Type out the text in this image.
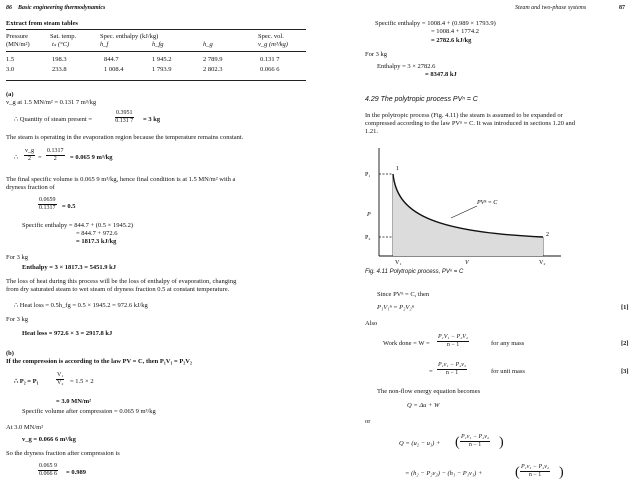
86 Basic engineering thermodynamics
Extract from steam tables
Pressure
(MN/m²)
Sat. temp.
tₛ (°C)
Spec. enthalpy (kJ/kg)
h_f	h_fg	h_g
Spec. vol.
v_g (m³/kg)
1.5	198.3	844.7	1 945.2	2 789.9	0.131 7
3.0	233.8	1 008.4	1 793.9	2 802.3	0.066 6
(a)
v_g at 1.5 MN/m² = 0.131 7 m³/kg
∴ Quantity of steam present =	$\frac{0.3951}{0.131 7} = 3$ kg
The steam is operating in the evaporation region because the temperature remains constant.
∴ $\frac{v\_g}{2} = \frac{0.1317}{2} = 0.065$ 9 m³/kg
The final specific volume is 0.065 9 m³/kg, hence final condition is at 1.5 MN/m² with a
dryness fraction of
$\frac{0.0659}{0.1317} = 0.5$
Specific enthalpy = 844.7 + (0.5 × 1945.2)
= 844.7 + 972.6
= 1817.3 kJ/kg
For 3 kg
Enthalpy = 3 × 1817.3 = 5451.9 kJ
The loss of heat during this process will be the loss of enthalpy of evaporation, changing
from dry saturated steam to wet steam of dryness fraction 0.5 at constant temperature.
∴ Heat loss = 0.5h_fg = 0.5 × 1945.2 = 972.6 kJ/kg
For 3 kg
Heat loss = 972.6 × 3 = 2917.8 kJ
(b)
If the compression is according to the law PV = C, then P₁V₁ = P₂V₂
∴ P₂ = P₁	$\frac{\text{V₁}}{\text{V₂}} = 1.5 \times 2$
= 3.0 MN/m²
Specific volume after compression = 0.065 9 m³/kg
At 3.0 MN/m²
v_g = 0.066 6 m³/kg
So the dryness fraction after compression is
$\frac{0.065 9}{0.066 6} = 0.989$
Steam and two-phase systems	87
Specific enthalpy = 1008.4 + (0.989 × 1793.9)
= 1008.4 + 1774.2
= 2782.6 kJ/kg
For 3 kg
Enthalpy = 3 × 2782.6
= 8347.8 kJ
4.29 The polytropic process PVⁿ = C
In the polytropic process (Fig. 4.11) the steam is assumed to be expanded or
compressed according to the law PVⁿ = C. It was introduced in sections 1.20 and
1.21.
P₁
P
P₂
1
2
PVⁿ = C
V₁	V	V₂
Fig. 4.11 Polytropic process, PVⁿ = C
Since PVⁿ = C, then
P₁V₁ⁿ = P₂V₂ⁿ	[1]
Also
Work done = $W = \frac{\text{P₁V₁ − P₂V₂}}{n - 1}$	for any mass	[2]
= $\frac{\text{P₁v₁ − P₂v₂}}{n - 1}$	for unit mass	[3]
The non-flow energy equation becomes
Q = Δu + W
or
Q = (u₂ − u₁) + ( $\frac{\text{P₁v₁ − P₂v₂}}{n - 1}$ )
= (h₂ − P₂v₂) − (h₁ − P₁v₁) + ( $\frac{\text{P₁v₁ − P₂v₂}}{n - 1}$ )
